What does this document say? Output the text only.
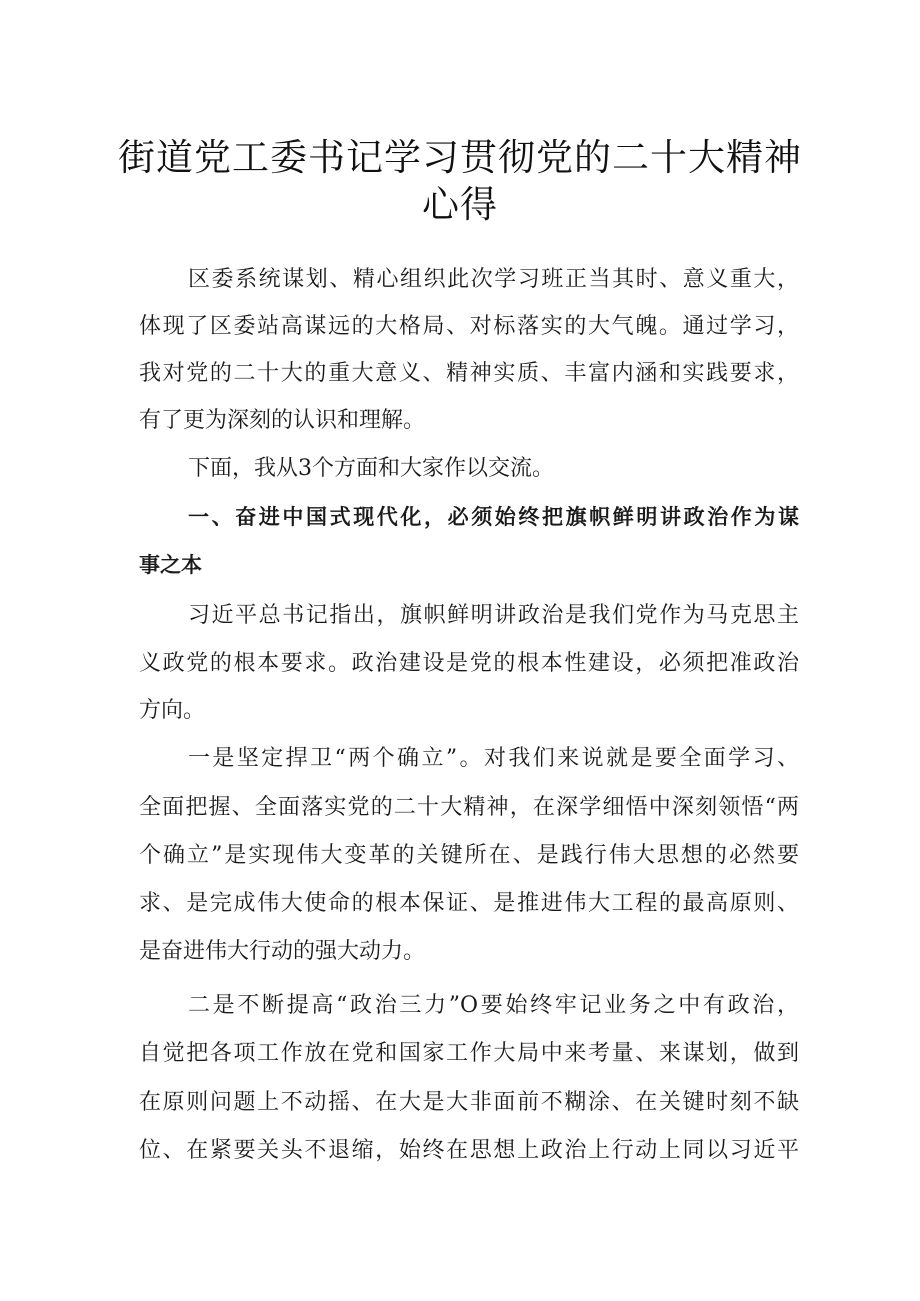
街道党工委书记学习贯彻党的二十大精神
心得
区委系统谋划、精心组织此次学习班正当其时、意义重大，
体现了区委站高谋远的大格局、对标落实的大气魄。通过学习，
我对党的二十大的重大意义、精神实质、丰富内涵和实践要求，
有了更为深刻的认识和理解。
下面，我从3个方面和大家作以交流。
一、奋进中国式现代化，必须始终把旗帜鲜明讲政治作为谋
事之本
习近平总书记指出，旗帜鲜明讲政治是我们党作为马克思主
义政党的根本要求。政治建设是党的根本性建设，必须把准政治
方向。
一是坚定捍卫“两个确立”。对我们来说就是要全面学习、
全面把握、全面落实党的二十大精神，在深学细悟中深刻领悟“两
个确立”是实现伟大变革的关键所在、是践行伟大思想的必然要
求、是完成伟大使命的根本保证、是推进伟大工程的最高原则、
是奋进伟大行动的强大动力。
二是不断提高“政治三力”O要始终牢记业务之中有政治，
自觉把各项工作放在党和国家工作大局中来考量、来谋划，做到
在原则问题上不动摇、在大是大非面前不糊涂、在关键时刻不缺
位、在紧要关头不退缩，始终在思想上政治上行动上同以习近平
